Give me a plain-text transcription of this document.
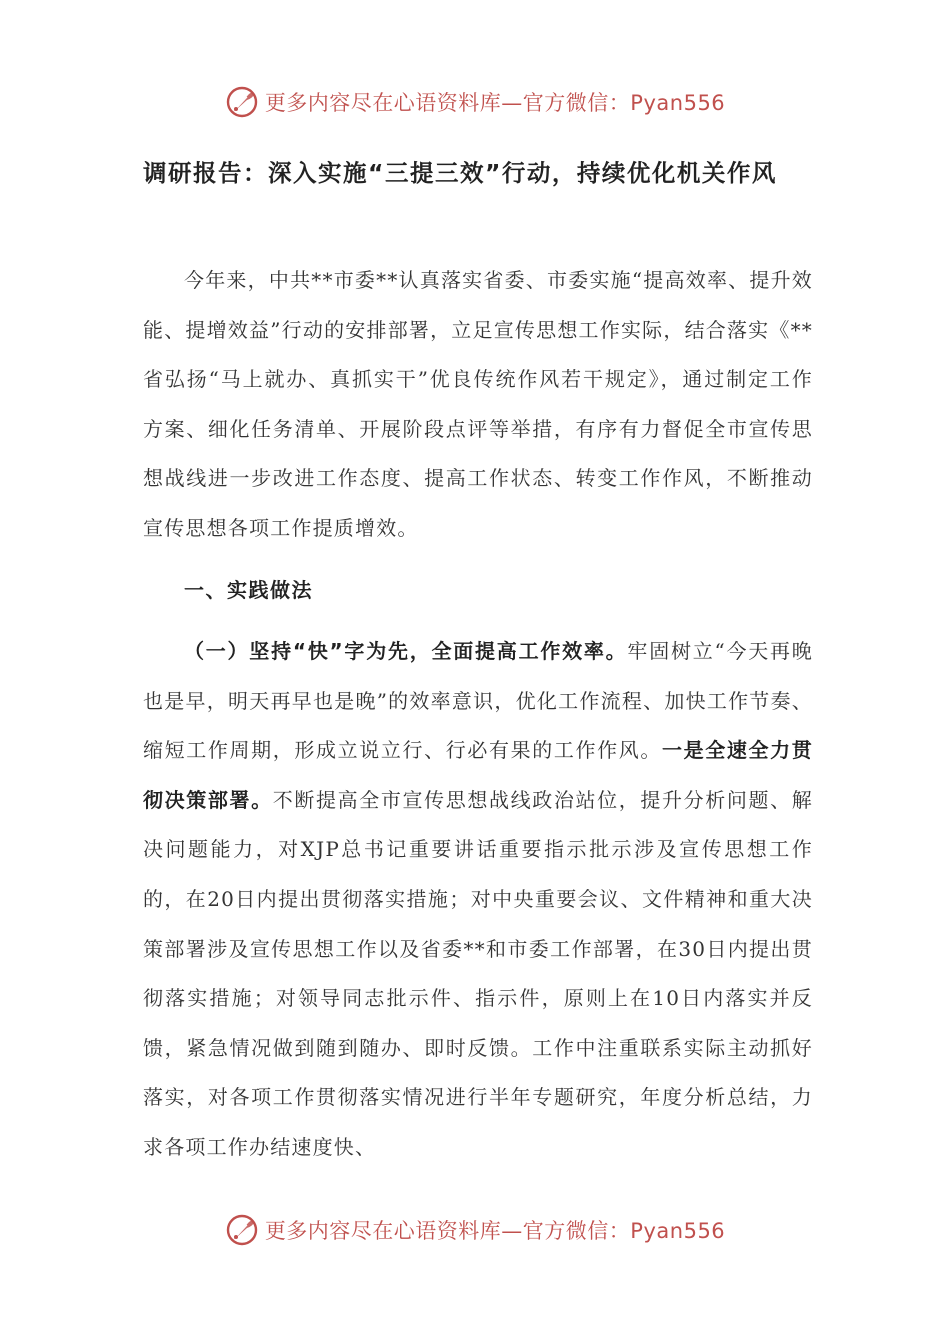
更多内容尽在心语资料库—官方微信：Pyan556
调研报告：深入实施“三提三效”行动，持续优化机关作风

今年来，中共**市委**认真落实省委、市委实施“提高效率、提升效能、提增效益”行动的安排部署，立足宣传思想工作实际，结合落实《**省弘扬“马上就办、真抓实干”优良传统作风若干规定》，通过制定工作方案、细化任务清单、开展阶段点评等举措，有序有力督促全市宣传思想战线进一步改进工作态度、提高工作状态、转变工作作风，不断推动宣传思想各项工作提质增效。

一、实践做法

（一）坚持“快”字为先，全面提高工作效率。牢固树立“今天再晚也是早，明天再早也是晚”的效率意识，优化工作流程、加快工作节奏、缩短工作周期，形成立说立行、行必有果的工作作风。一是全速全力贯彻决策部署。不断提高全市宣传思想战线政治站位，提升分析问题、解决问题能力，对XJP总书记重要讲话重要指示批示涉及宣传思想工作的，在20日内提出贯彻落实措施；对中央重要会议、文件精神和重大决策部署涉及宣传思想工作以及省委**和市委工作部署，在30日内提出贯彻落实措施；对领导同志批示件、指示件，原则上在10日内落实并反馈，紧急情况做到随到随办、即时反馈。工作中注重联系实际主动抓好落实，对各项工作贯彻落实情况进行半年专题研究，年度分析总结，力求各项工作办结速度快、

更多内容尽在心语资料库—官方微信：Pyan556
